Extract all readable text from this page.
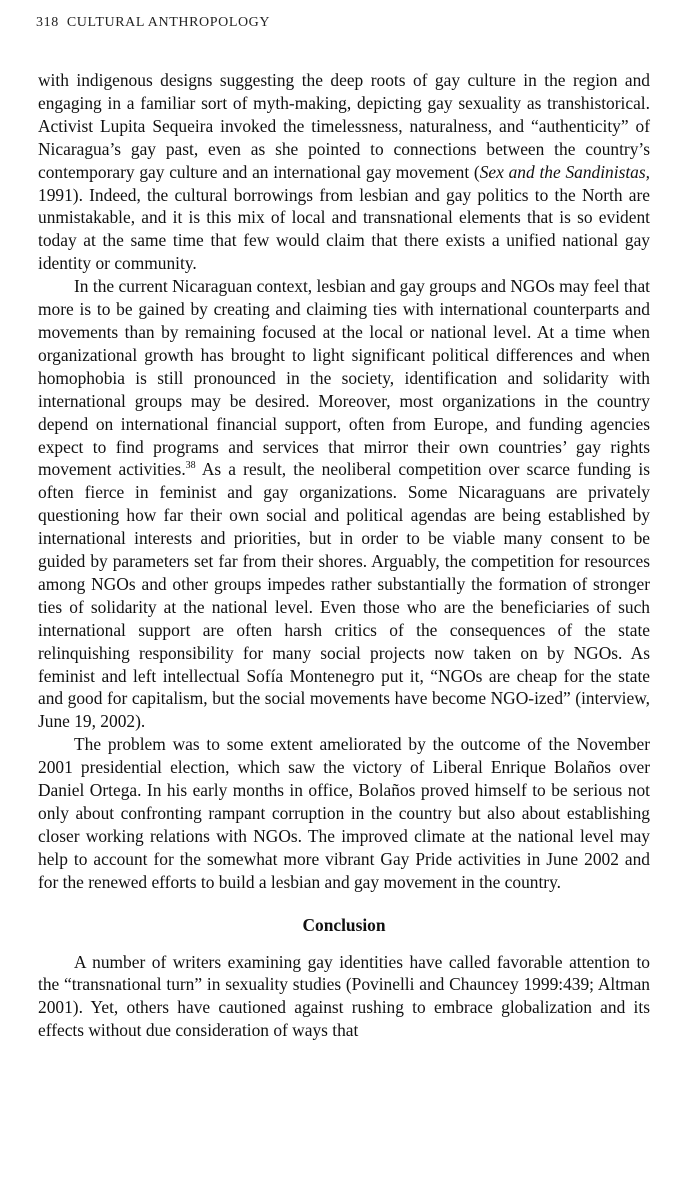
318 CULTURAL ANTHROPOLOGY

with indigenous designs suggesting the deep roots of gay culture in the region and engaging in a familiar sort of myth-making, depicting gay sexuality as transhistorical. Activist Lupita Sequeira invoked the timelessness, naturalness, and “authenticity” of Nicaragua’s gay past, even as she pointed to connections between the country’s contemporary gay culture and an international gay movement (Sex and the Sandinistas, 1991). Indeed, the cultural borrowings from lesbian and gay politics to the North are unmistakable, and it is this mix of local and transnational elements that is so evident today at the same time that few would claim that there exists a unified national gay identity or community.

In the current Nicaraguan context, lesbian and gay groups and NGOs may feel that more is to be gained by creating and claiming ties with international counterparts and movements than by remaining focused at the local or national level. At a time when organizational growth has brought to light significant political differences and when homophobia is still pronounced in the society, identification and solidarity with international groups may be desired. Moreover, most organizations in the country depend on international financial support, often from Europe, and funding agencies expect to find programs and services that mirror their own countries’ gay rights movement activities.$^{38}$ As a result, the neoliberal competition over scarce funding is often fierce in feminist and gay organizations. Some Nicaraguans are privately questioning how far their own social and political agendas are being established by international interests and priorities, but in order to be viable many consent to be guided by parameters set far from their shores. Arguably, the competition for resources among NGOs and other groups impedes rather substantially the formation of stronger ties of solidarity at the national level. Even those who are the beneficiaries of such international support are often harsh critics of the consequences of the state relinquishing responsibility for many social projects now taken on by NGOs. As feminist and left intellectual Sofía Montenegro put it, “NGOs are cheap for the state and good for capitalism, but the social movements have become NGO-ized” (interview, June 19, 2002).

The problem was to some extent ameliorated by the outcome of the November 2001 presidential election, which saw the victory of Liberal Enrique Bolaños over Daniel Ortega. In his early months in office, Bolaños proved himself to be serious not only about confronting rampant corruption in the country but also about establishing closer working relations with NGOs. The improved climate at the national level may help to account for the somewhat more vibrant Gay Pride activities in June 2002 and for the renewed efforts to build a lesbian and gay movement in the country.

Conclusion

A number of writers examining gay identities have called favorable attention to the “transnational turn” in sexuality studies (Povinelli and Chauncey 1999:439; Altman 2001). Yet, others have cautioned against rushing to embrace globalization and its effects without due consideration of ways that
